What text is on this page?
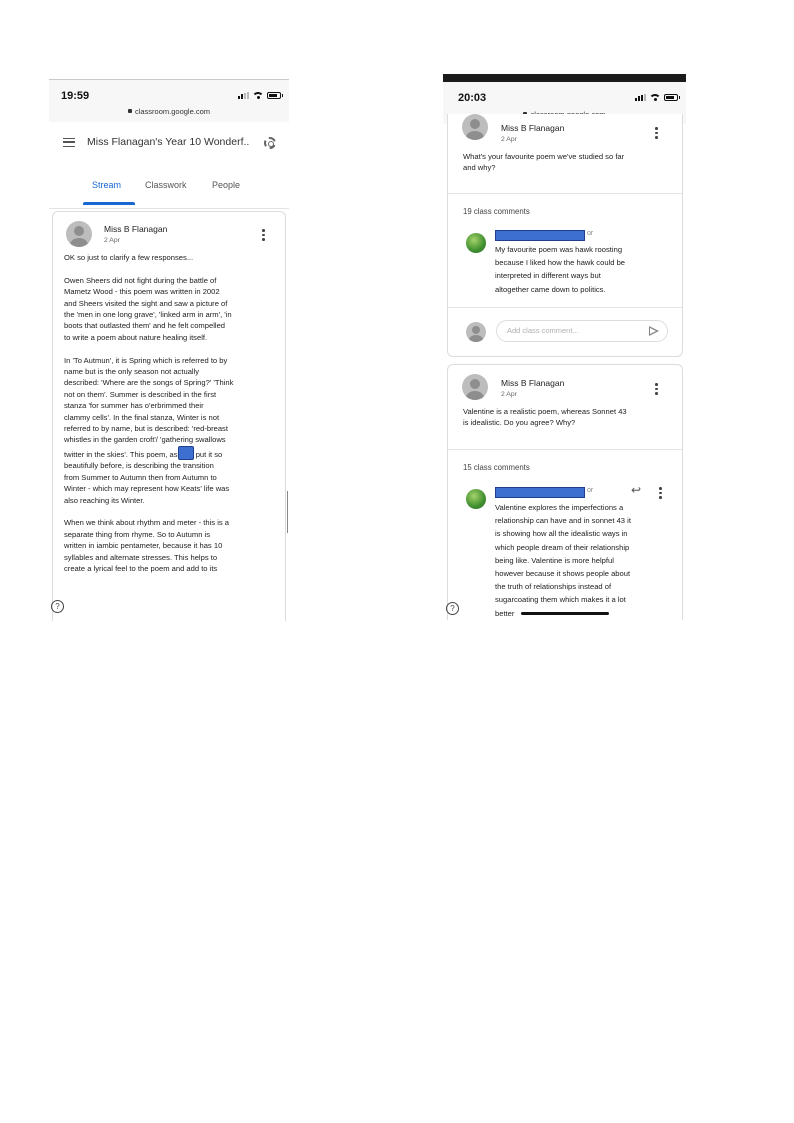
19:59
classroom.google.com
Miss Flanagan's Year 10 Wonderf..
Stream	Classwork	People
Miss B Flanagan
2 Apr

OK so just to clarify a few responses...

Owen Sheers did not fight during the battle of
Mametz Wood - this poem was written in 2002
and Sheers visited the sight and saw a picture of
the 'men in one long grave', 'linked arm in arm', 'in
boots that outlasted them' and he felt compelled
to write a poem about nature healing itself.

In 'To Autmun', it is Spring which is referred to by
name but is the only season not actually
described: 'Where are the songs of Spring?' 'Think
not on them'. Summer is described in the first
stanza 'for summer has o'erbrimmed their
clammy cells'. In the final stanza, Winter is not
referred to by name, but is described: 'red-breast
whistles in the garden croft'/ 'gathering swallows
twitter in the skies'. This poem, as put it so
beautifully before, is describing the transition
from Summer to Autumn then from Autumn to
Winter - which may represent how Keats' life was
also reaching its Winter.

When we think about rhythm and meter - this is a
separate thing from rhyme. So to Autumn is
written in iambic pentameter, because it has 10
syllables and alternate stresses. This helps to
create a lyrical feel to the poem and add to its

?
20:03
Miss B Flanagan
2 Apr
What's your favourite poem we've studied so far
and why?
19 class comments
or
My favourite poem was hawk roosting
because I liked how the hawk could be
interpreted in different ways but
altogether came down to politics.
Add class comment...
Miss B Flanagan
2 Apr
Valentine is a realistic poem, whereas Sonnet 43
is idealistic. Do you agree? Why?
15 class comments
or	↩
Valentine explores the imperfections a
relationship can have and in sonnet 43 it
is showing how all the idealistic ways in
which people dream of their relationship
being like. Valentine is more helpful
however because it shows people about
the truth of relationships instead of
sugarcoating them which makes it a lot
better
?
